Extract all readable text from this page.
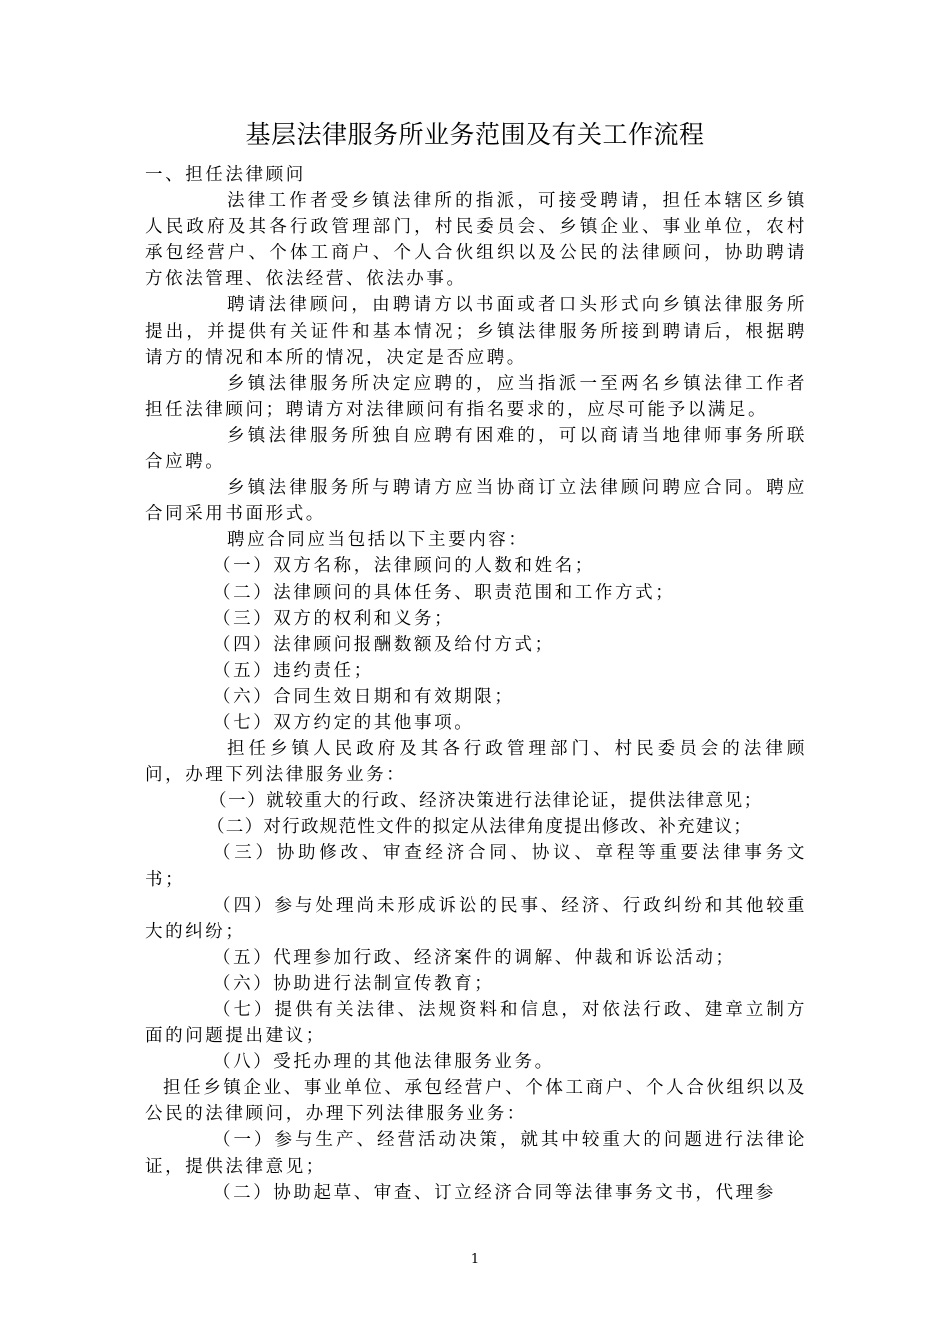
基层法律服务所业务范围及有关工作流程

一、担任法律顾问

法律工作者受乡镇法律所的指派，可接受聘请，担任本辖区乡镇人民政府及其各行政管理部门，村民委员会、乡镇企业、事业单位，农村承包经营户、个体工商户、个人合伙组织以及公民的法律顾问，协助聘请方依法管理、依法经营、依法办事。

聘请法律顾问，由聘请方以书面或者口头形式向乡镇法律服务所提出，并提供有关证件和基本情况；乡镇法律服务所接到聘请后，根据聘请方的情况和本所的情况，决定是否应聘。

乡镇法律服务所决定应聘的，应当指派一至两名乡镇法律工作者担任法律顾问；聘请方对法律顾问有指名要求的，应尽可能予以满足。

乡镇法律服务所独自应聘有困难的，可以商请当地律师事务所联合应聘。

乡镇法律服务所与聘请方应当协商订立法律顾问聘应合同。聘应合同采用书面形式。

聘应合同应当包括以下主要内容：

（一）双方名称，法律顾问的人数和姓名；

（二）法律顾问的具体任务、职责范围和工作方式；

（三）双方的权利和义务；

（四）法律顾问报酬数额及给付方式；

（五）违约责任；

（六）合同生效日期和有效期限；

（七）双方约定的其他事项。

担任乡镇人民政府及其各行政管理部门、村民委员会的法律顾问，办理下列法律服务业务：

（一）就较重大的行政、经济决策进行法律论证，提供法律意见；

（二）对行政规范性文件的拟定从法律角度提出修改、补充建议；

（三）协助修改、审查经济合同、协议、章程等重要法律事务文书；

（四）参与处理尚未形成诉讼的民事、经济、行政纠纷和其他较重大的纠纷；

（五）代理参加行政、经济案件的调解、仲裁和诉讼活动；

（六）协助进行法制宣传教育；

（七）提供有关法律、法规资料和信息，对依法行政、建章立制方面的问题提出建议；

（八）受托办理的其他法律服务业务。

担任乡镇企业、事业单位、承包经营户、个体工商户、个人合伙组织以及公民的法律顾问，办理下列法律服务业务：

（一）参与生产、经营活动决策，就其中较重大的问题进行法律论证，提供法律意见；

（二）协助起草、审查、订立经济合同等法律事务文书，代理参

1
